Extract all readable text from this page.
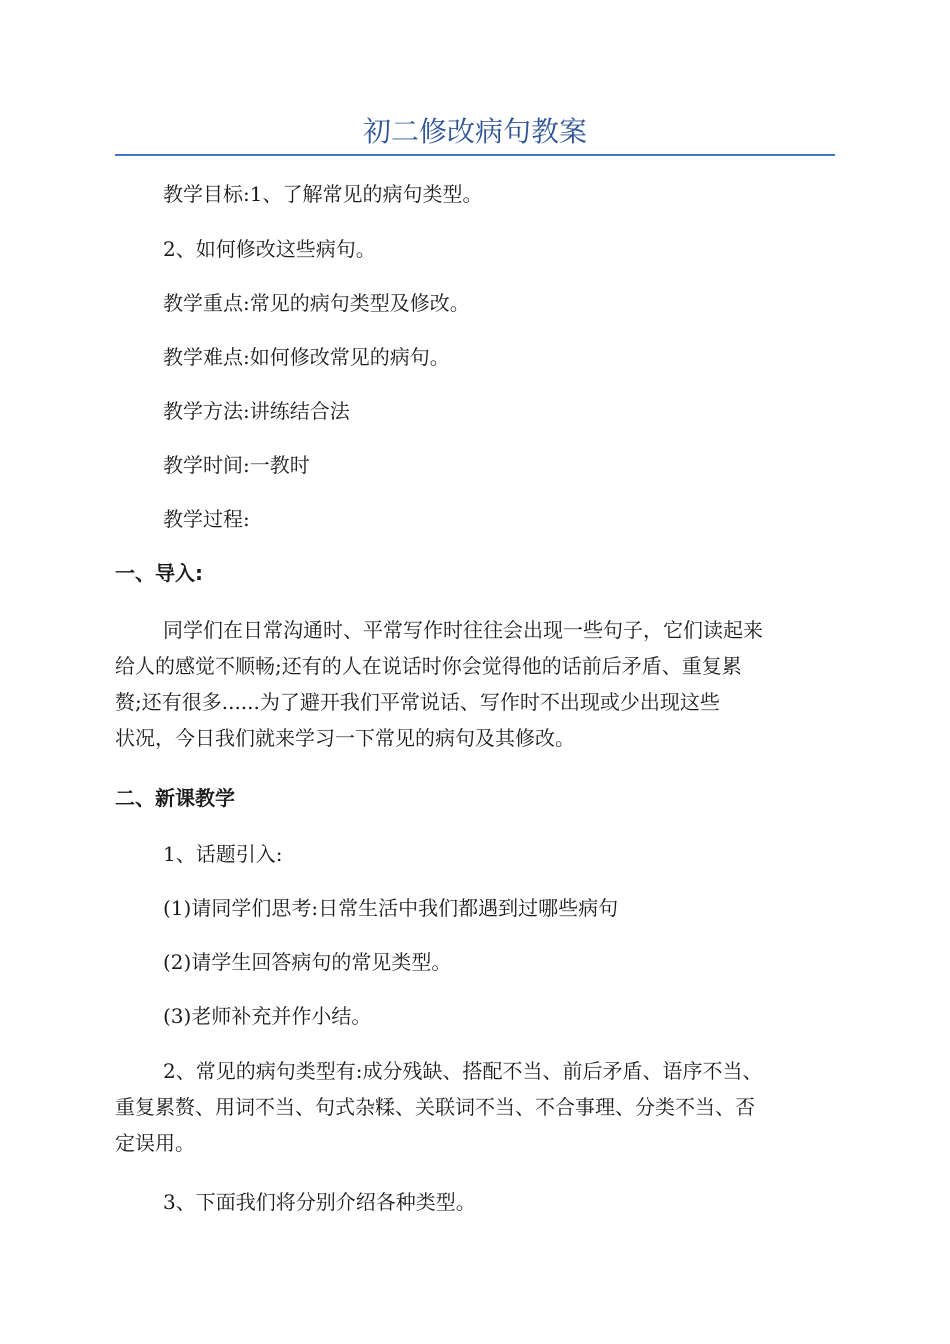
初二修改病句教案

教学目标:1、了解常见的病句类型。

2、如何修改这些病句。

教学重点:常见的病句类型及修改。

教学难点:如何修改常见的病句。

教学方法:讲练结合法

教学时间:一教时

教学过程:

一、导入:

同学们在日常沟通时、平常写作时往往会出现一些句子，它们读起来
给人的感觉不顺畅;还有的人在说话时你会觉得他的话前后矛盾、重复累
赘;还有很多......为了避开我们平常说话、写作时不出现或少出现这些
状况，今日我们就来学习一下常见的病句及其修改。

二、新课教学

1、话题引入:

(1)请同学们思考:日常生活中我们都遇到过哪些病句

(2)请学生回答病句的常见类型。

(3)老师补充并作小结。

2、常见的病句类型有:成分残缺、搭配不当、前后矛盾、语序不当、
重复累赘、用词不当、句式杂糅、关联词不当、不合事理、分类不当、否
定误用。

3、下面我们将分别介绍各种类型。
